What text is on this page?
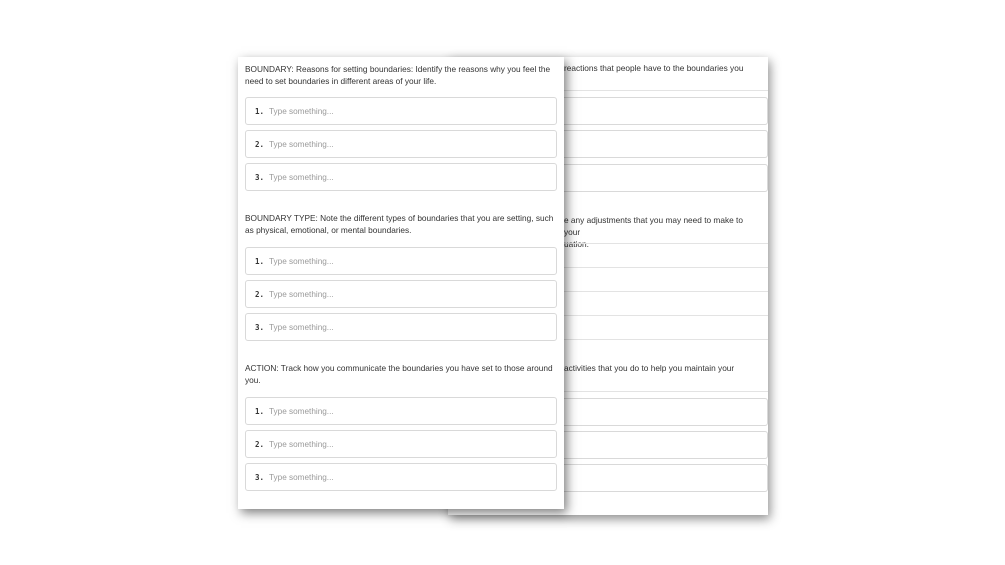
reactions that people have to the boundaries you

e any adjustments that you may need to make to your

uation.

activities that you do to help you maintain your

BOUNDARY: Reasons for setting boundaries: Identify the reasons why you feel the need to set boundaries in different areas of your life.

1. Type something...
2. Type something...
3. Type something...

BOUNDARY TYPE: Note the different types of boundaries that you are setting, such as physical, emotional, or mental boundaries.

1. Type something...
2. Type something...
3. Type something...

ACTION: Track how you communicate the boundaries you have set to those around you.

1. Type something...
2. Type something...
3. Type something...
